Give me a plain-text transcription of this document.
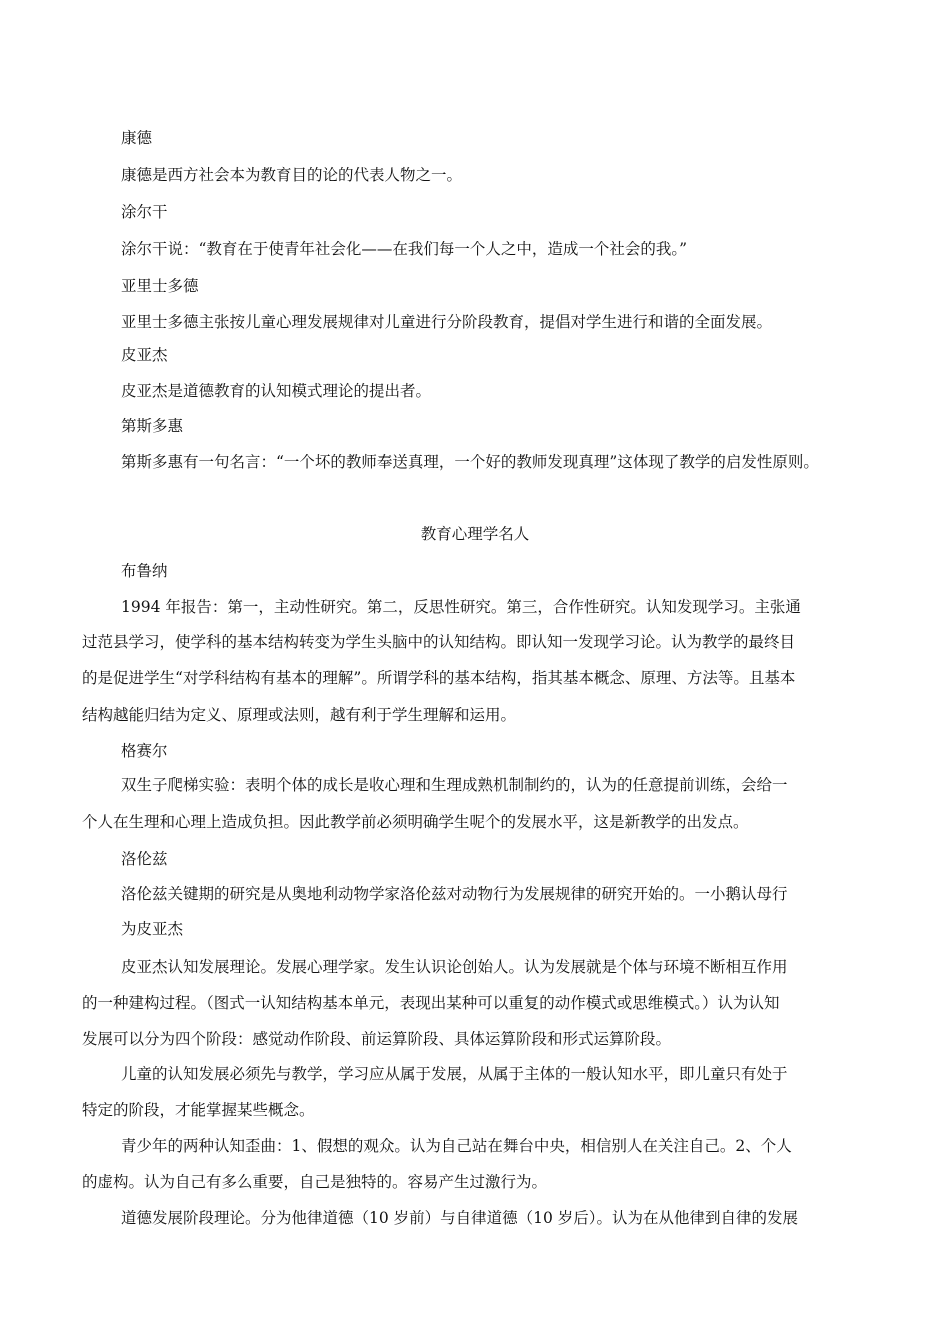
康德
康德是西方社会本为教育目的论的代表人物之一。
涂尔干
涂尔干说：“教育在于使青年社会化——在我们每一个人之中，造成一个社会的我。”
亚里士多德
亚里士多德主张按儿童心理发展规律对儿童进行分阶段教育，提倡对学生进行和谐的全面发展。
皮亚杰
皮亚杰是道德教育的认知模式理论的提出者。
第斯多惠
第斯多惠有一句名言：“一个坏的教师奉送真理，一个好的教师发现真理”这体现了教学的启发性原则。
教育心理学名人
布鲁纳
1994 年报告：第一，主动性研究。第二，反思性研究。第三，合作性研究。认知发现学习。主张通
过范县学习，使学科的基本结构转变为学生头脑中的认知结构。即认知一发现学习论。认为教学的最终目
的是促进学生“对学科结构有基本的理解”。所谓学科的基本结构，指其基本概念、原理、方法等。且基本
结构越能归结为定义、原理或法则，越有利于学生理解和运用。
格赛尔
双生子爬梯实验：表明个体的成长是收心理和生理成熟机制制约的，认为的任意提前训练，会给一
个人在生理和心理上造成负担。因此教学前必须明确学生呢个的发展水平，这是新教学的出发点。
洛伦兹
洛伦兹关键期的研究是从奥地利动物学家洛伦兹对动物行为发展规律的研究开始的。一小鹅认母行
为皮亚杰
皮亚杰认知发展理论。发展心理学家。发生认识论创始人。认为发展就是个体与环境不断相互作用
的一种建构过程。（图式一认知结构基本单元，表现出某种可以重复的动作模式或思维模式。）认为认知
发展可以分为四个阶段：感觉动作阶段、前运算阶段、具体运算阶段和形式运算阶段。
儿童的认知发展必须先与教学，学习应从属于发展，从属于主体的一般认知水平，即儿童只有处于
特定的阶段，才能掌握某些概念。
青少年的两种认知歪曲：1、假想的观众。认为自己站在舞台中央，相信别人在关注自己。2、个人
的虚构。认为自己有多么重要，自己是独特的。容易产生过激行为。
道德发展阶段理论。分为他律道德（10 岁前）与自律道德（10 岁后）。认为在从他律到自律的发展
